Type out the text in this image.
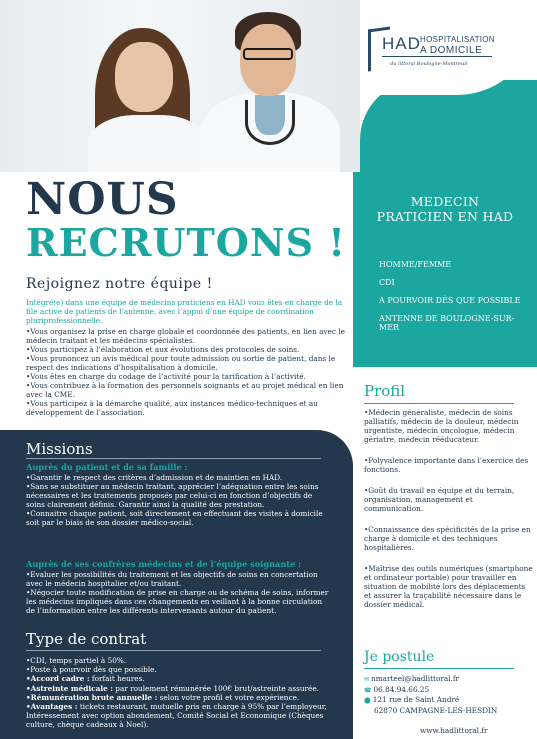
HAD HOSPITALISATION
A DOMICILE
du littoral Boulogne-Montreuil
NOUS
RECRUTONS !
Rejoignez notre équipe !

Intégré(e) dans une équipe de médecins praticiens en HAD vous êtes en charge de la file active de patients de l’antenne, avec l’appui d’une équipe de coordination pluriprofessionnelle.

•Vous organisez la prise en charge globale et coordonnée des patients, en lien avec le médecin traitant et les médecins spécialistes.
•Vous participez à l’élaboration et aux évolutions des protocoles de soins.
•Vous prononcez un avis médical pour toute admission ou sortie de patient, dans le respect des indications d’hospitalisation à domicile.
•Vous êtes en charge du codage de l’activité pour la tarification à l’activité.
•Vous contribuez à la formation des personnels soignants et au projet médical en lien avec la CME.
•Vous participez à la démarche qualité, aux instances médico-techniques et au développement de l’association.
MEDECIN
PRATICIEN EN HAD
HOMME/FEMME
CDI
A POURVOIR DÈS QUE POSSIBLE
ANTENNE DE BOULOGNE-SUR-MER
Profil
•Médecin généraliste, médecin de soins palliatifs, médecin de la douleur, médecin urgentiste, médecin oncologue, médecin gériatre, médecin rééducateur.
•Polyvalence importante dans l’exercice des fonctions.
•Goût du travail en équipe et du terrain, organisation, management et communication.
•Connaissance des spécificités de la prise en charge à domicile et des techniques hospitalières.
•Maîtrise des outils numériques (smartphone et ordinateur portable) pour travailler en situation de mobilité lors des déplacements et assurer la traçabilité nécessaire dans le dossier médical.
Missions
Auprès du patient et de sa famille :
•Garantir le respect des critères d’admission et de maintien en HAD.
•Sans se substituer au médecin traitant, apprécier l’adéquation entre les soins nécessaires et les traitements proposés par celui-ci en fonction d’objectifs de soins clairement définis. Garantir ainsi la qualité des prestation.
•Connaitre chaque patient, soit directement en effectuant des visites à domicile soit par le biais de son dossier médico-social.
Auprès de ses confrères médecins et de l’équipe soignante :
•Evaluer les possibilités du traitement et les objectifs de soins en concertation avec le médecin hospitalier et/ou traitant.
•Négocier toute modification de prise en charge ou de schéma de soins, informer les médecins impliqués dans ces changements en veillant à la bonne circulation de l’information entre les différents intervenants autour du patient.
Type de contrat
•CDI, temps partiel à 50%.
•Poste à pourvoir dès que possible.
•Accord cadre : forfait heures.
•Astreinte médicale : par roulement rémunérée 100€ brut/astreinte assurée.
•Rémunération brute annuelle : selon votre profil et votre expérience.
•Avantages : tickets restaurant, mutuelle pris en charge à 95% par l’employeur, Intéressement avec option abondement, Comité Social et Economique (Chèques culture, chèque cadeaux à Noel).
Je postule
✉ nmarteel@hadlittoral.fr
☎ 06.84.94.66.25
⬤ 121 rue de Saint André
62870 CAMPAGNE-LES-HESDIN
www.hadlittoral.fr
